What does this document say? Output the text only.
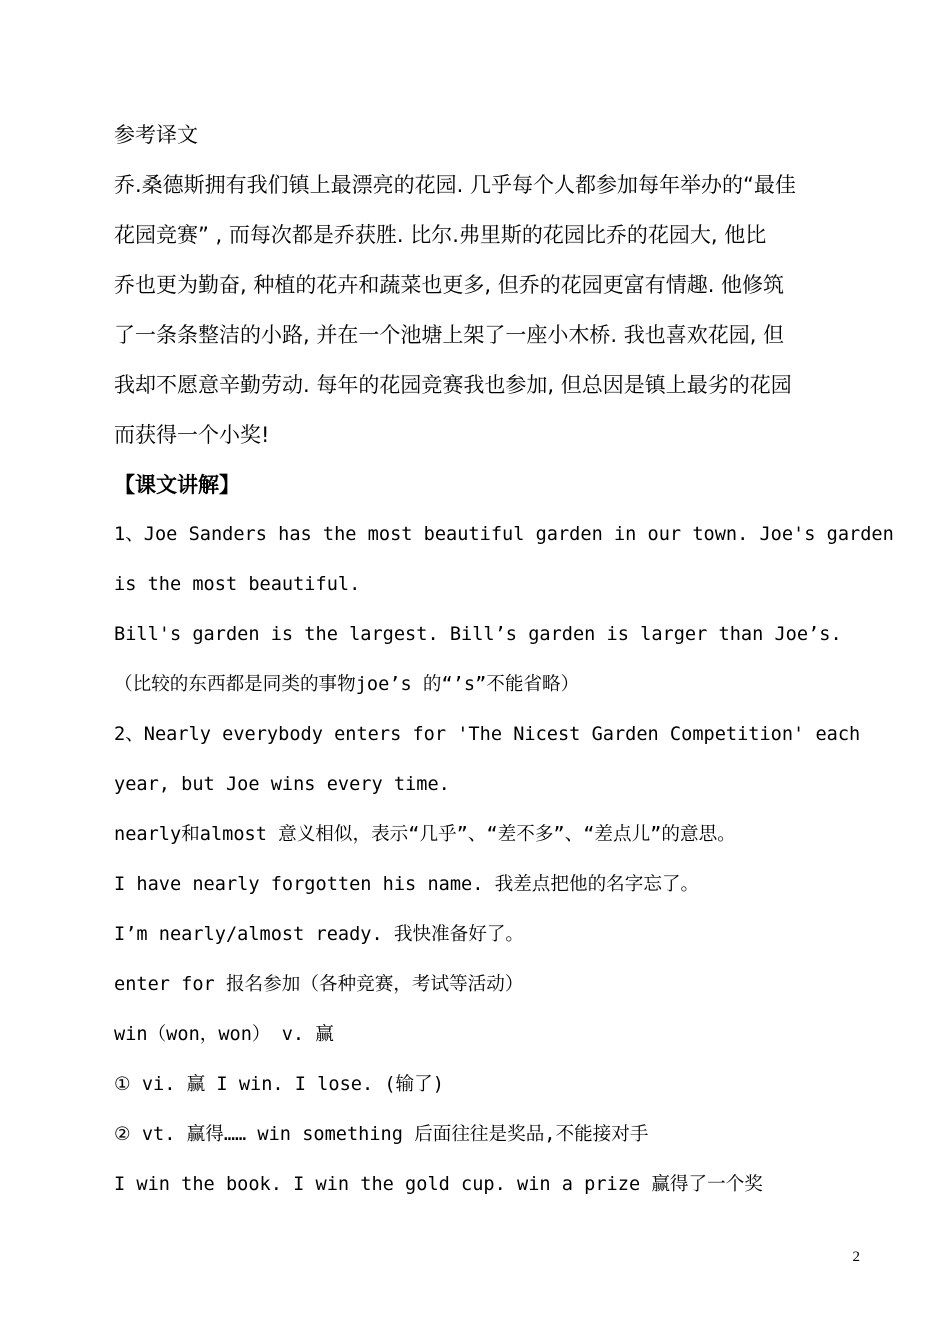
参考译文
乔.桑德斯拥有我们镇上最漂亮的花园. 几乎每个人都参加每年举办的“最佳
花园竞赛” , 而每次都是乔获胜. 比尔.弗里斯的花园比乔的花园大, 他比
乔也更为勤奋, 种植的花卉和蔬菜也更多, 但乔的花园更富有情趣. 他修筑
了一条条整洁的小路, 并在一个池塘上架了一座小木桥. 我也喜欢花园, 但
我却不愿意辛勤劳动. 每年的花园竞赛我也参加, 但总因是镇上最劣的花园
而获得一个小奖!
【课文讲解】
1、Joe Sanders has the most beautiful garden in our town. Joe's garden
is the most beautiful.
Bill's garden is the largest. Bill’s garden is larger than Joe’s.
（比较的东西都是同类的事物joe’s 的“’s”不能省略）
2、Nearly everybody enters for 'The Nicest Garden Competition' each
year, but Joe wins every time.
nearly和almost 意义相似，表示“几乎”、“差不多”、“差点儿”的意思。
I have nearly forgotten his name. 我差点把他的名字忘了。
I’m nearly/almost ready. 我快准备好了。
enter for 报名参加（各种竞赛，考试等活动）
win（won，won） v. 赢
① vi. 赢 I win. I lose. (输了)
② vt. 赢得…… win something 后面往往是奖品,不能接对手
I win the book. I win the gold cup. win a prize 赢得了一个奖
2
